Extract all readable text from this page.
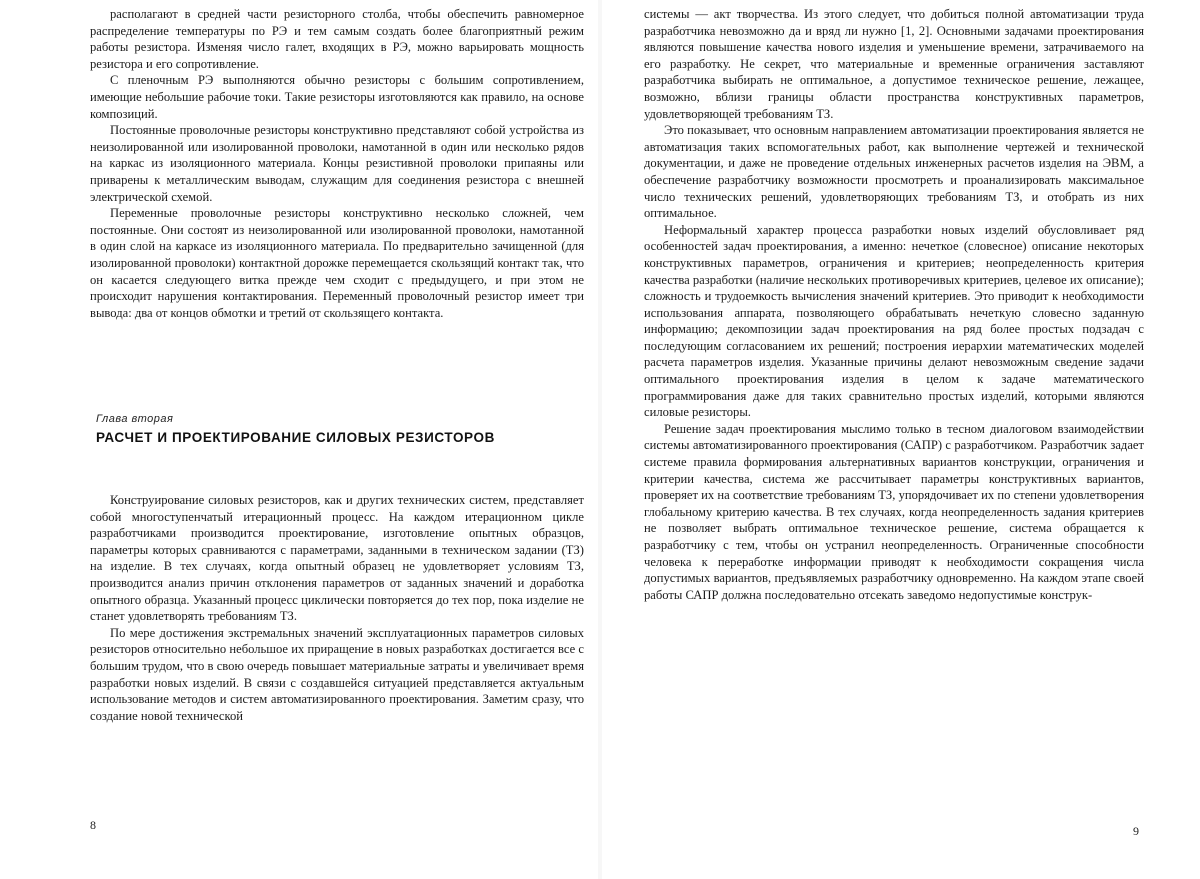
располагают в средней части резисторного столба, чтобы обеспечить равномерное распределение температуры по РЭ и тем самым создать более благоприятный режим работы резистора. Изменяя число галет, входящих в РЭ, можно варьировать мощность резистора и его сопротивление.

С пленочным РЭ выполняются обычно резисторы с большим сопротивлением, имеющие небольшие рабочие токи. Такие резисторы изготовляются как правило, на основе композиций.

Постоянные проволочные резисторы конструктивно представляют собой устройства из неизолированной или изолированной проволоки, намотанной в один или несколько рядов на каркас из изоляционного материала. Концы резистивной проволоки припаяны или приварены к металлическим выводам, служащим для соединения резистора с внешней электрической схемой.

Переменные проволочные резисторы конструктивно несколько сложней, чем постоянные. Они состоят из неизолированной или изолированной проволоки, намотанной в один слой на каркасе из изоляционного материала. По предварительно зачищенной (для изолированной проволоки) контактной дорожке перемещается скользящий контакт так, что он касается следующего витка прежде чем сходит с предыдущего, и при этом не происходит нарушения контактирования. Переменный проволочный резистор имеет три вывода: два от концов обмотки и третий от скользящего контакта.

Глава вторая
РАСЧЕТ И ПРОЕКТИРОВАНИЕ СИЛОВЫХ РЕЗИСТОРОВ

Конструирование силовых резисторов, как и других технических систем, представляет собой многоступенчатый итерационный процесс. На каждом итерационном цикле разработчиками производится проектирование, изготовление опытных образцов, параметры которых сравниваются с параметрами, заданными в техническом задании (ТЗ) на изделие. В тех случаях, когда опытный образец не удовлетворяет условиям ТЗ, производится анализ причин отклонения параметров от заданных значений и доработка опытного образца. Указанный процесс циклически повторяется до тех пор, пока изделие не станет удовлетворять требованиям ТЗ.

По мере достижения экстремальных значений эксплуатационных параметров силовых резисторов относительно небольшое их приращение в новых разработках достигается все с большим трудом, что в свою очередь повышает материальные затраты и увеличивает время разработки новых изделий. В связи с создавшейся ситуацией представляется актуальным использование методов и систем автоматизированного проектирования. Заметим сразу, что создание новой технической

8

системы — акт творчества. Из этого следует, что добиться полной автоматизации труда разработчика невозможно да и вряд ли нужно [1, 2]. Основными задачами проектирования являются повышение качества нового изделия и уменьшение времени, затрачиваемого на его разработку. Не секрет, что материальные и временные ограничения заставляют разработчика выбирать не оптимальное, а допустимое техническое решение, лежащее, возможно, вблизи границы области пространства конструктивных параметров, удовлетворяющей требованиям ТЗ.

Это показывает, что основным направлением автоматизации проектирования является не автоматизация таких вспомогательных работ, как выполнение чертежей и технической документации, и даже не проведение отдельных инженерных расчетов изделия на ЭВМ, а обеспечение разработчику возможности просмотреть и проанализировать максимальное число технических решений, удовлетворяющих требованиям ТЗ, и отобрать из них оптимальное.

Неформальный характер процесса разработки новых изделий обусловливает ряд особенностей задач проектирования, а именно: нечеткое (словесное) описание некоторых конструктивных параметров, ограничения и критериев; неопределенность критерия качества разработки (наличие нескольких противоречивых критериев, целевое их описание); сложность и трудоемкость вычисления значений критериев. Это приводит к необходимости использования аппарата, позволяющего обрабатывать нечеткую словесно заданную информацию; декомпозиции задач проектирования на ряд более простых подзадач с последующим согласованием их решений; построения иерархии математических моделей расчета параметров изделия. Указанные причины делают невозможным сведение задачи оптимального проектирования изделия в целом к задаче математического программирования даже для таких сравнительно простых изделий, которыми являются силовые резисторы.

Решение задач проектирования мыслимо только в тесном диалоговом взаимодействии системы автоматизированного проектирования (САПР) с разработчиком. Разработчик задает системе правила формирования альтернативных вариантов конструкции, ограничения и критерии качества, система же рассчитывает параметры конструктивных вариантов, проверяет их на соответствие требованиям ТЗ, упорядочивает их по степени удовлетворения глобальному критерию качества. В тех случаях, когда неопределенность задания критериев не позволяет выбрать оптимальное техническое решение, система обращается к разработчику с тем, чтобы он устранил неопределенность. Ограниченные способности человека к переработке информации приводят к необходимости сокращения числа допустимых вариантов, предъявляемых разработчику одновременно. На каждом этапе своей работы САПР должна последовательно отсекать заведомо недопустимые конструк-

9
